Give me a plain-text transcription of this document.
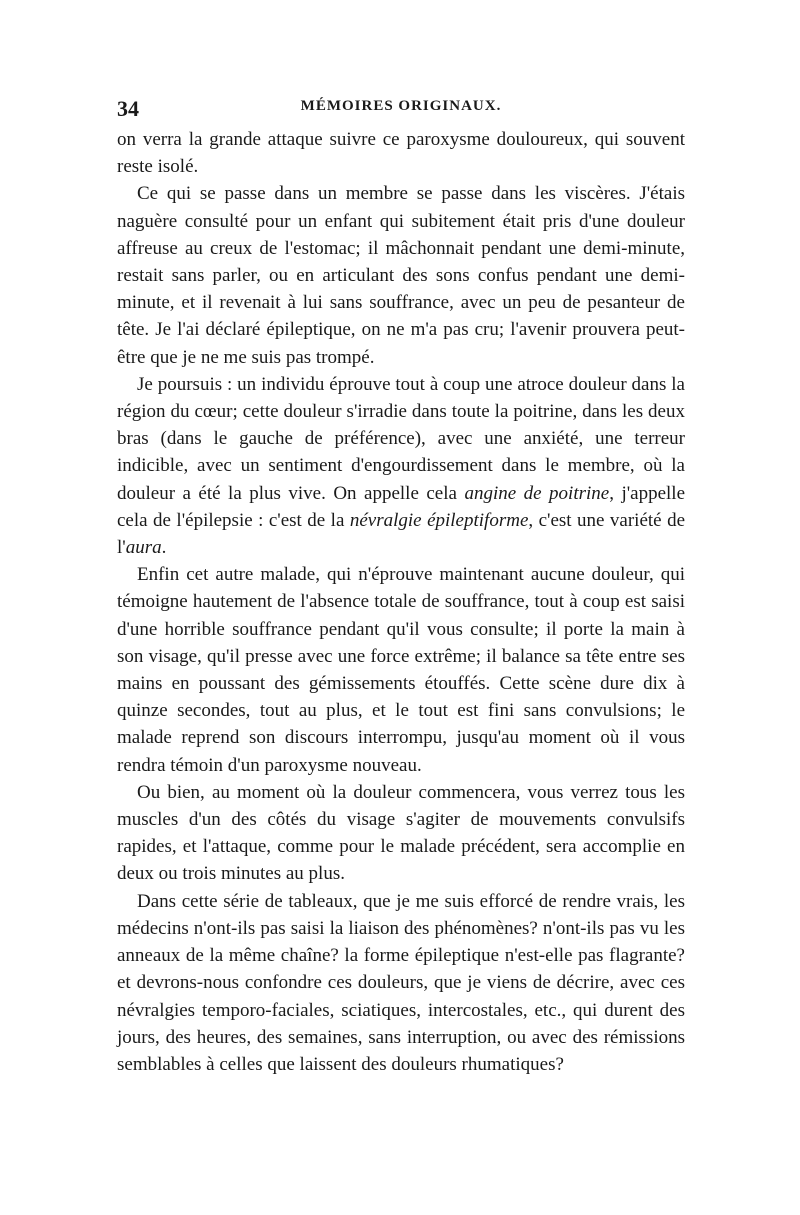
34	MÉMOIRES ORIGINAUX.

on verra la grande attaque suivre ce paroxysme douloureux, qui souvent reste isolé.

Ce qui se passe dans un membre se passe dans les viscères. J'étais naguère consulté pour un enfant qui subitement était pris d'une douleur affreuse au creux de l'estomac; il mâchonnait pendant une demi-minute, restait sans parler, ou en articulant des sons confus pendant une demi-minute, et il revenait à lui sans souffrance, avec un peu de pesanteur de tête. Je l'ai déclaré épileptique, on ne m'a pas cru; l'avenir prouvera peut-être que je ne me suis pas trompé.

Je poursuis : un individu éprouve tout à coup une atroce douleur dans la région du cœur; cette douleur s'irradie dans toute la poitrine, dans les deux bras (dans le gauche de préférence), avec une anxiété, une terreur indicible, avec un sentiment d'engourdissement dans le membre, où la douleur a été la plus vive. On appelle cela angine de poitrine, j'appelle cela de l'épilepsie : c'est de la névralgie épileptiforme, c'est une variété de l'aura.

Enfin cet autre malade, qui n'éprouve maintenant aucune douleur, qui témoigne hautement de l'absence totale de souffrance, tout à coup est saisi d'une horrible souffrance pendant qu'il vous consulte; il porte la main à son visage, qu'il presse avec une force extrême; il balance sa tête entre ses mains en poussant des gémissements étouffés. Cette scène dure dix à quinze secondes, tout au plus, et le tout est fini sans convulsions; le malade reprend son discours interrompu, jusqu'au moment où il vous rendra témoin d'un paroxysme nouveau.

Ou bien, au moment où la douleur commencera, vous verrez tous les muscles d'un des côtés du visage s'agiter de mouvements convulsifs rapides, et l'attaque, comme pour le malade précédent, sera accomplie en deux ou trois minutes au plus.

Dans cette série de tableaux, que je me suis efforcé de rendre vrais, les médecins n'ont-ils pas saisi la liaison des phénomènes? n'ont-ils pas vu les anneaux de la même chaîne? la forme épileptique n'est-elle pas flagrante? et devrons-nous confondre ces douleurs, que je viens de décrire, avec ces névralgies temporo-faciales, sciatiques, intercostales, etc., qui durent des jours, des heures, des semaines, sans interruption, ou avec des rémissions semblables à celles que laissent des douleurs rhumatiques?
